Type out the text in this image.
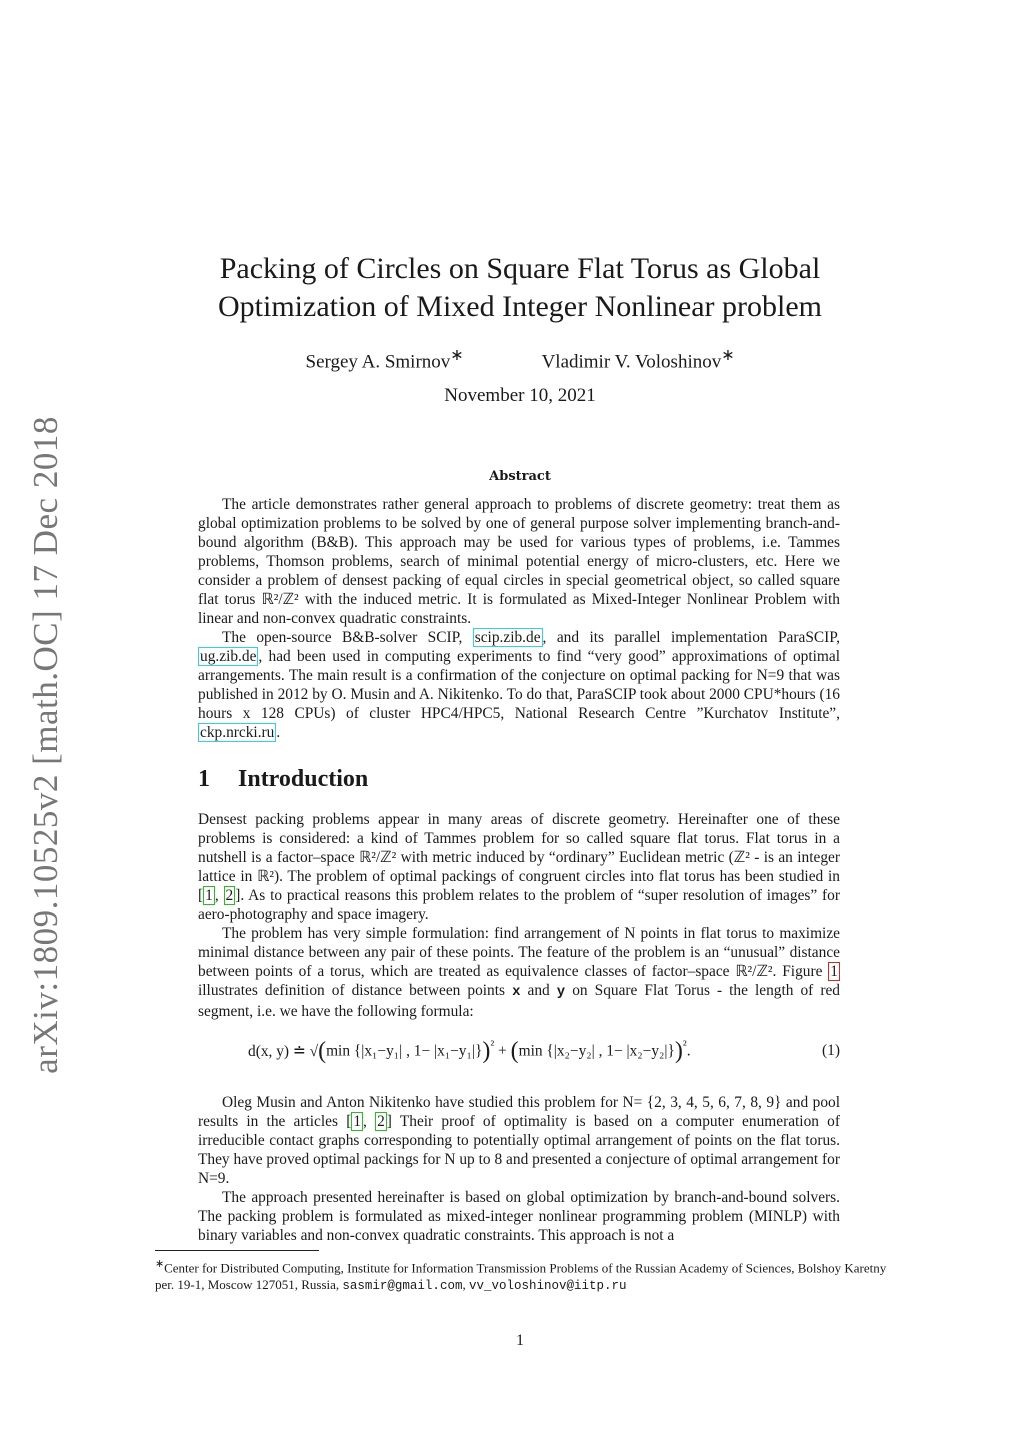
arXiv:1809.10525v2 [math.OC] 17 Dec 2018
Packing of Circles on Square Flat Torus as Global
Optimization of Mixed Integer Nonlinear problem
Sergey A. Smirnov∗	Vladimir V. Voloshinov∗
November 10, 2021
Abstract

The article demonstrates rather general approach to problems of discrete geometry: treat them as global optimization problems to be solved by one of general purpose solver implementing branch-and-bound algorithm (B&B). This approach may be used for various types of problems, i.e. Tammes problems, Thomson problems, search of minimal potential energy of micro-clusters, etc. Here we consider a problem of densest packing of equal circles in special geometrical object, so called square flat torus ℝ²/ℤ² with the induced metric. It is formulated as Mixed-Integer Nonlinear Problem with linear and non-convex quadratic constraints.

The open-source B&B-solver SCIP, scip.zib.de , and its parallel implementation ParaSCIP, ug.zib.de , had been used in computing experiments to find “very good” approximations of optimal arrangements. The main result is a confirmation of the conjecture on optimal packing for N=9 that was published in 2012 by O. Musin and A. Nikitenko. To do that, ParaSCIP took about 2000 CPU*hours (16 hours x 128 CPUs) of cluster HPC4/HPC5, National Research Centre ”Kurchatov Institute”, ckp.nrcki.ru .

1 Introduction

Densest packing problems appear in many areas of discrete geometry. Hereinafter one of these problems is considered: a kind of Tammes problem for so called square flat torus. Flat torus in a nutshell is a factor–space ℝ²/ℤ² with metric induced by “ordinary” Euclidean metric (ℤ² - is an integer lattice in ℝ²). The problem of optimal packings of congruent circles into flat torus has been studied in [ 1 , 2 ]. As to practical reasons this problem relates to the problem of “super resolution of images” for aero-photography and space imagery.

The problem has very simple formulation: find arrangement of N points in flat torus to maximize minimal distance between any pair of these points. The feature of the problem is an “unusual” distance between points of a torus, which are treated as equivalence classes of factor–space ℝ²/ℤ². Figure 1 illustrates definition of distance between points x and y on Square Flat Torus - the length of red segment, i.e. we have the following formula:

d(x, y) ≐ √(min {|x₁−y₁| , 1− |x₁−y₁|})$^{^2}$ + (min {|x₂−y₂| , 1− |x₂−y₂|})$^{^2}$.	(1)

Oleg Musin and Anton Nikitenko have studied this problem for N= {2, 3, 4, 5, 6, 7, 8, 9} and pool results in the articles [ 1 , 2 ] Their proof of optimality is based on a computer enumeration of irreducible contact graphs corresponding to potentially optimal arrangement of points on the flat torus. They have proved optimal packings for N up to 8 and presented a conjecture of optimal arrangement for N=9.

The approach presented hereinafter is based on global optimization by branch-and-bound solvers. The packing problem is formulated as mixed-integer nonlinear programming problem (MINLP) with binary variables and non-convex quadratic constraints. This approach is not a

∗Center for Distributed Computing, Institute for Information Transmission Problems of the Russian Academy of Sciences, Bolshoy Karetny per. 19-1, Moscow 127051, Russia, sasmir@gmail.com, vv_voloshinov@iitp.ru
1
